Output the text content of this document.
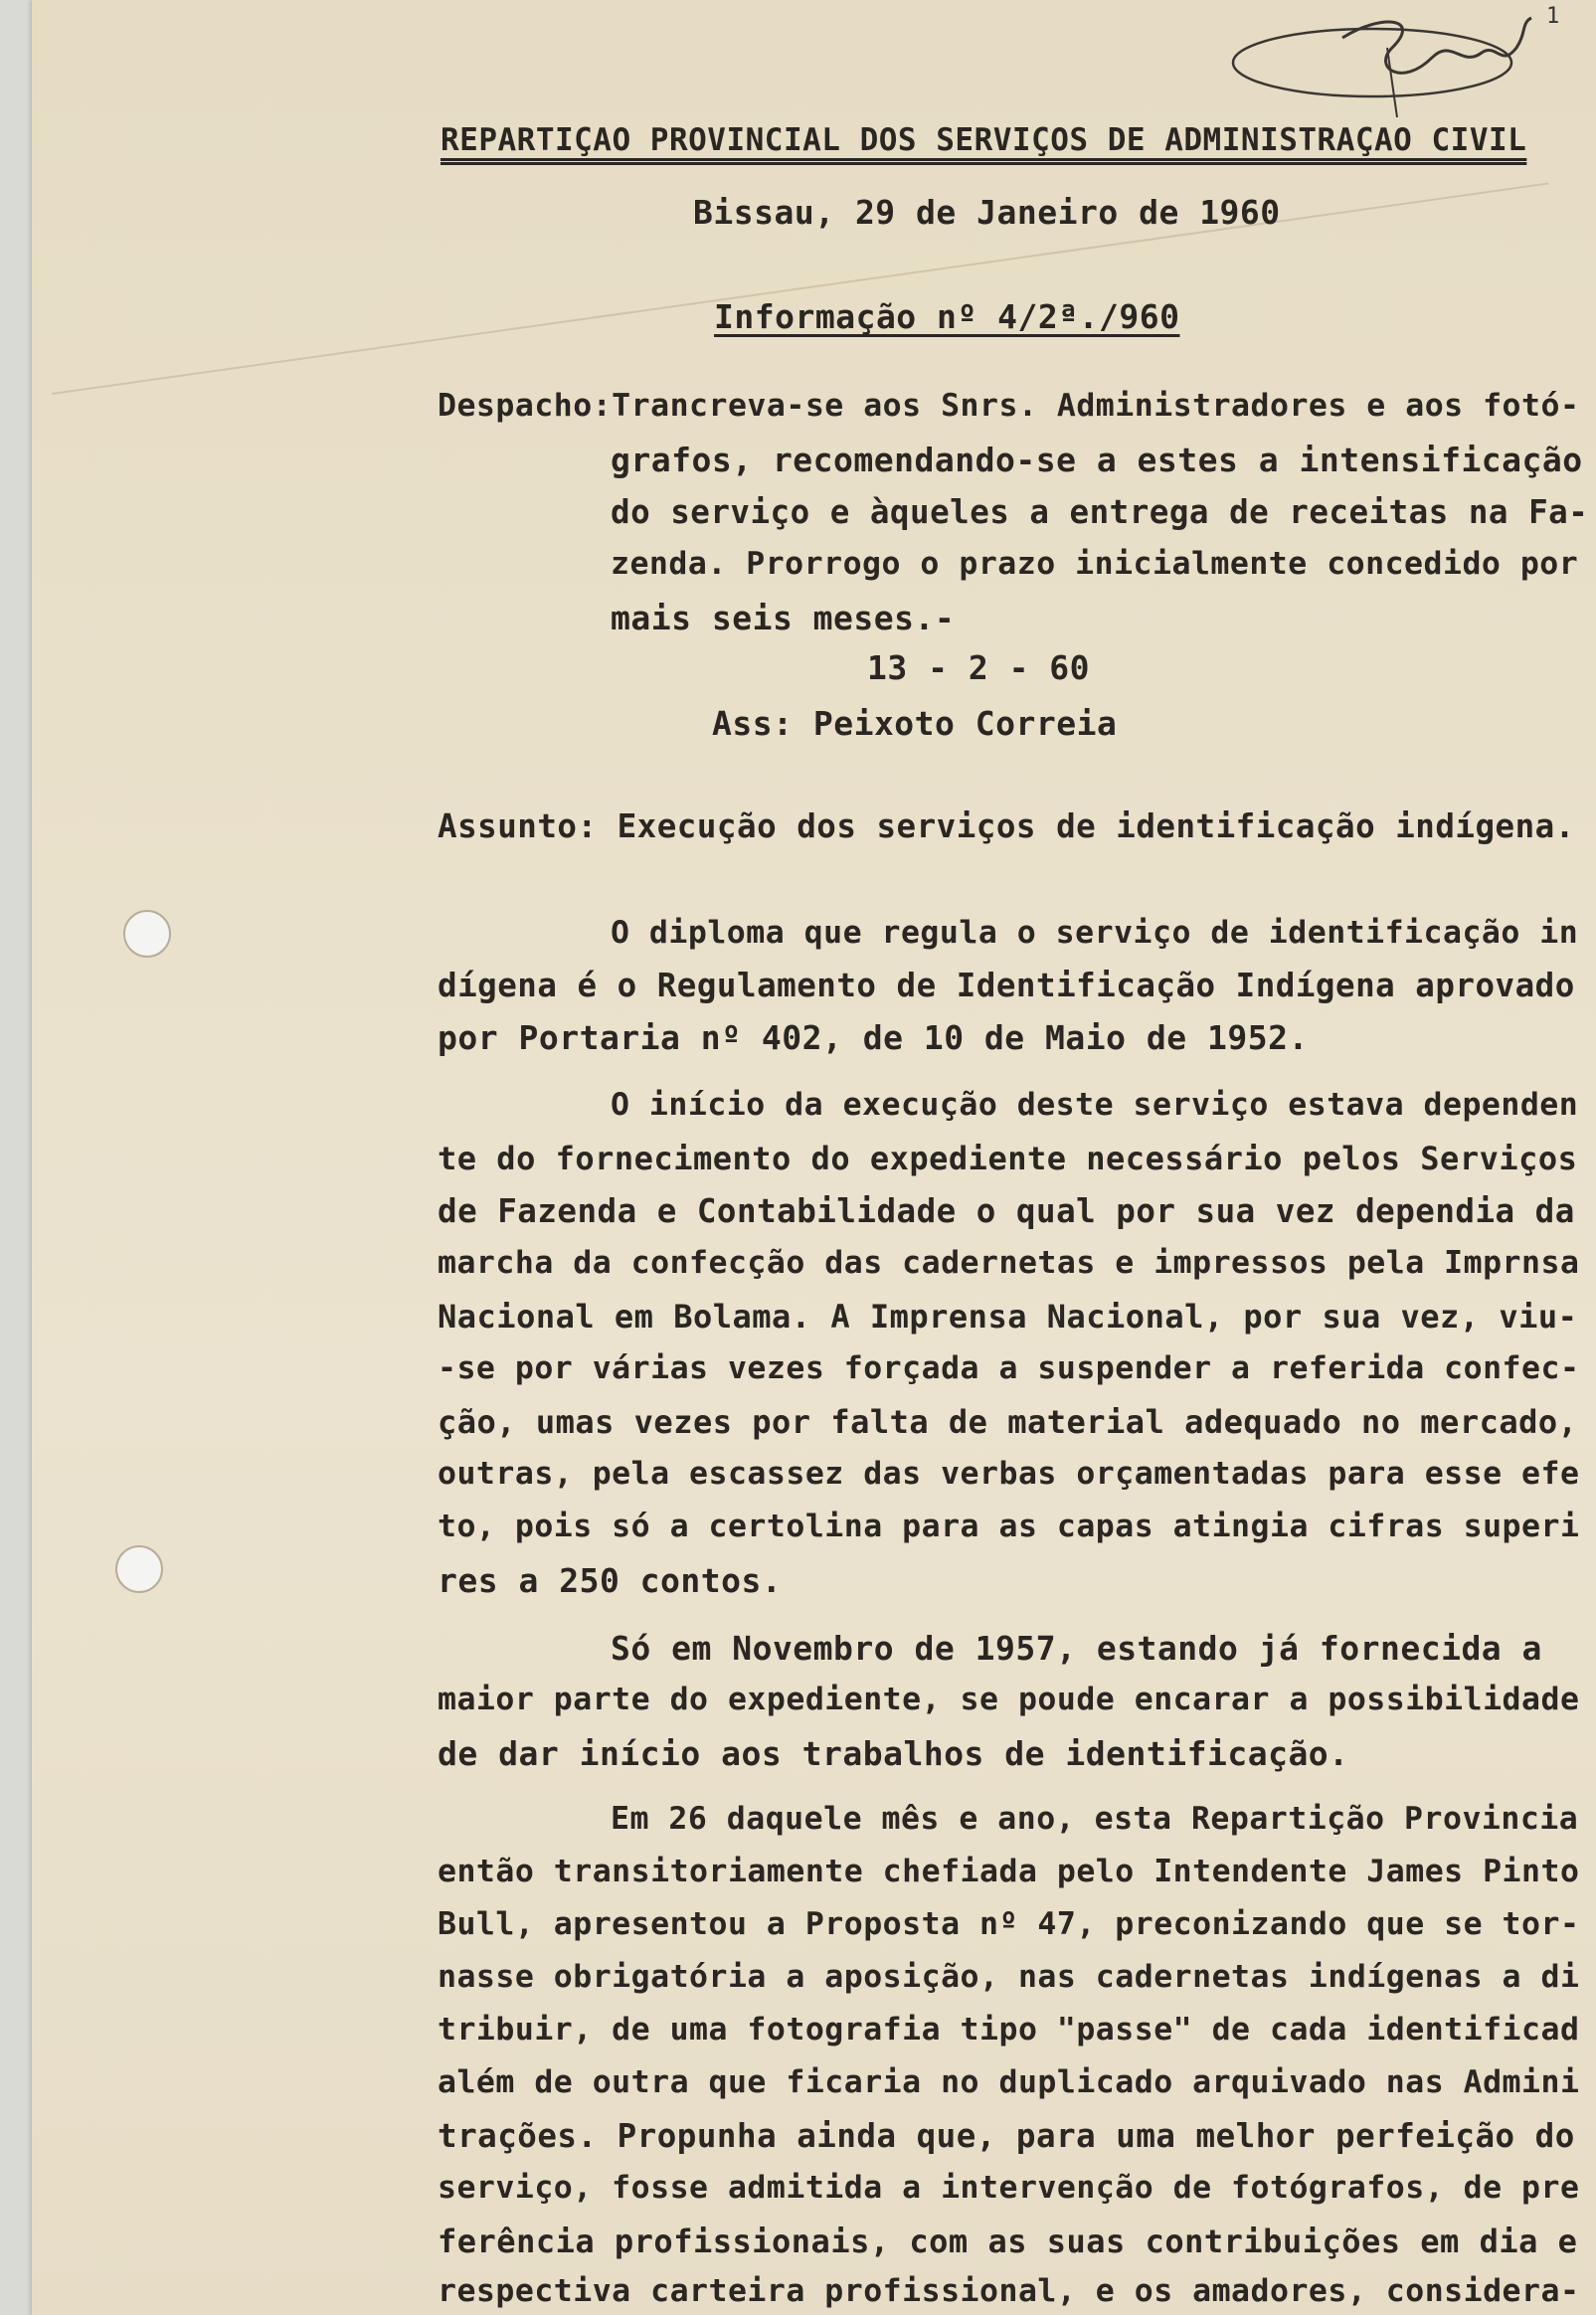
1
REPARTIÇAO PROVINCIAL DOS SERVIÇOS DE ADMINISTRAÇAO CIVIL
Bissau, 29 de Janeiro de 1960
Informação nº 4/2ª./960
Despacho:Trancreva-se aos Snrs. Administradores e aos fotó-
grafos, recomendando-se a estes a intensificação
do serviço e àqueles a entrega de receitas na Fa-
zenda. Prorrogo o prazo inicialmente concedido por
mais seis meses.-
13 - 2 - 60
Ass: Peixoto Correia
Assunto: Execução dos serviços de identificação indígena.
O diploma que regula o serviço de identificação in
dígena é o Regulamento de Identificação Indígena aprovado
por Portaria nº 402, de 10 de Maio de 1952.
O início da execução deste serviço estava dependen
te do fornecimento do expediente necessário pelos Serviços
de Fazenda e Contabilidade o qual por sua vez dependia da
marcha da confecção das cadernetas e impressos pela Imprnsa
Nacional em Bolama. A Imprensa Nacional, por sua vez, viu-
-se por várias vezes forçada a suspender a referida confec-
ção, umas vezes por falta de material adequado no mercado,
outras, pela escassez das verbas orçamentadas para esse efe
to, pois só a certolina para as capas atingia cifras superi
res a 250 contos.
Só em Novembro de 1957, estando já fornecida a
maior parte do expediente, se poude encarar a possibilidade
de dar início aos trabalhos de identificação.
Em 26 daquele mês e ano, esta Repartição Provincia
então transitoriamente chefiada pelo Intendente James Pinto
Bull, apresentou a Proposta nº 47, preconizando que se tor-
nasse obrigatória a aposição, nas cadernetas indígenas a di
tribuir, de uma fotografia tipo "passe" de cada identificad
além de outra que ficaria no duplicado arquivado nas Admini
trações. Propunha ainda que, para uma melhor perfeição do
serviço, fosse admitida a intervenção de fotógrafos, de pre
ferência profissionais, com as suas contribuições em dia e
respectiva carteira profissional, e os amadores, considera-
